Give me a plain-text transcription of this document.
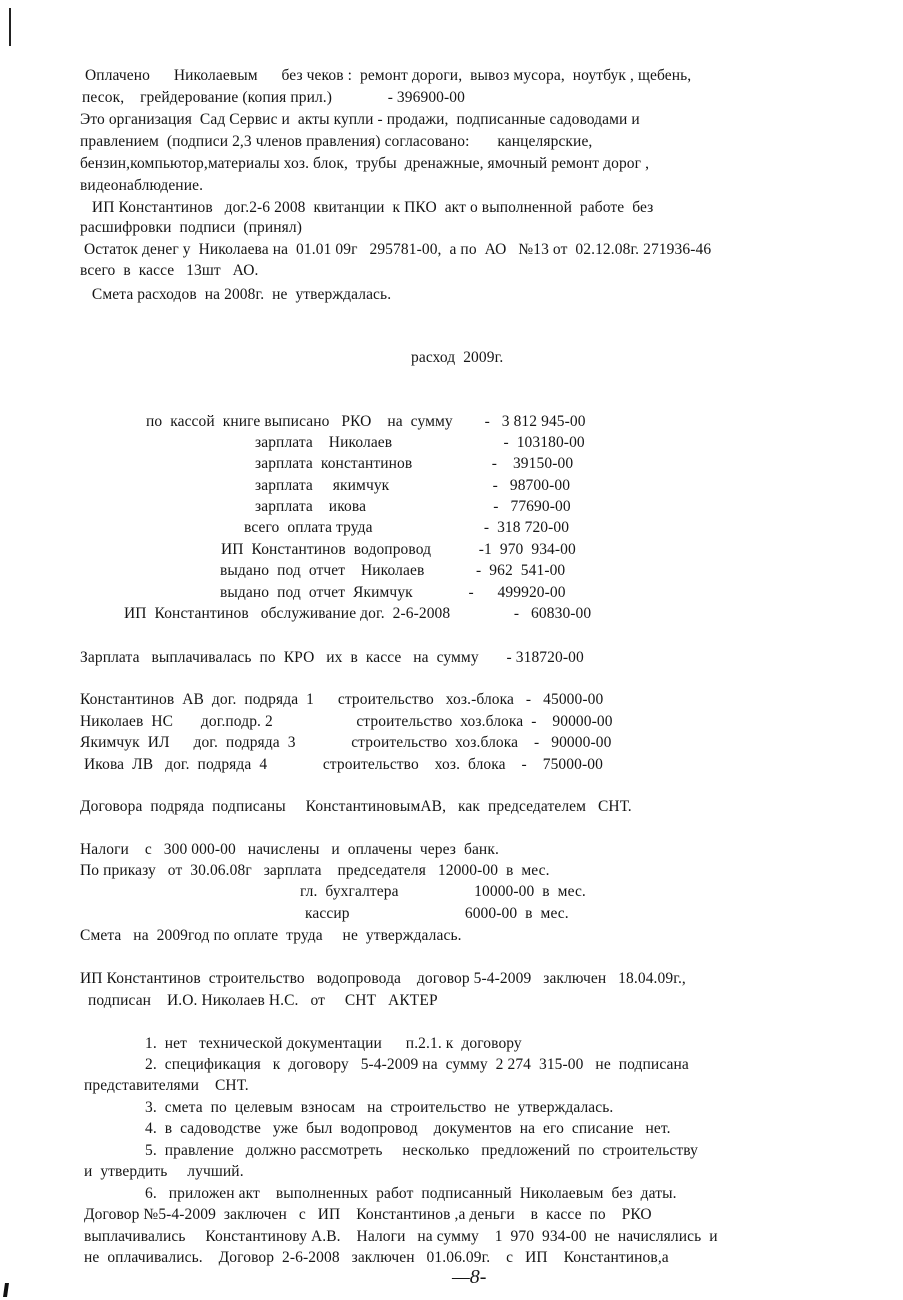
Оплачено      Николаевым      без чеков :  ремонт дороги,  вывоз мусора,  ноутбук , щебень,
песок,    грейдерование (копия прил.)              - 396900-00
Это организация  Сад Сервис и  акты купли - продажи,  подписанные садоводами и
правлением  (подписи 2,3 членов правления) согласовано:       канцелярские,
бензин,компьютор,материалы хоз. блок,  трубы  дренажные, ямочный ремонт дорог ,
видеонаблюдение.
ИП Константинов   дог.2-6 2008  квитанции  к ПКО  акт о выполненной  работе  без
расшифровки  подписи  (принял)
Остаток денег у  Николаева на  01.01 09г   295781-00,  а по  АО   №13 от  02.12.08г. 271936-46
всего  в  кассе   13шт   АО.
Смета расходов  на 2008г.  не  утверждалась.
расход  2009г.
по  кассой  книге выписано   РКО    на  сумму        -   3 812 945-00
зарплата    Николаев                            -  103180-00
зарплата  константинов                    -    39150-00
зарплата     якимчук                          -   98700-00
зарплата    икова                                -   77690-00
всего  оплата труда                            -  318 720-00
ИП  Константинов  водопровод            -1  970  934-00
выдано  под  отчет    Николаев             -  962  541-00
выдано  под  отчет  Якимчук              -      499920-00
ИП  Константинов   обслуживание дог.  2-6-2008                -   60830-00
Зарплата   выплачивалась  по  КРО   их  в  кассе   на  сумму       - 318720-00
Константинов  АВ  дог.  подряда  1      строительство   хоз.-блока   -   45000-00
Николаев  НС       дог.подр. 2                     строительство  хоз.блока  -    90000-00
Якимчук  ИЛ      дог.  подряда  3              строительство  хоз.блока    -   90000-00
Икова  ЛВ   дог.  подряда  4              строительство    хоз.  блока    -    75000-00
Договора  подряда  подписаны     КонстантиновымАВ,   как  председателем   СНТ.
Налоги    с   300 000-00   начислены   и  оплачены  через  банк.
По приказу   от  30.06.08г   зарплата    председателя   12000-00  в  мес.
гл.  бухгалтера                   10000-00  в  мес.
кассир                             6000-00  в  мес.
Смета   на  2009год по оплате  труда     не  утверждалась.
ИП Константинов  строительство   водопровода    договор 5-4-2009   заключен   18.04.09г.,
подписан    И.О. Николаев Н.С.   от     СНТ   АКТЕР
1.  нет   технической документации      п.2.1. к  договору
2.  спецификация   к  договору   5-4-2009 на  сумму  2 274  315-00   не  подписана
представителями    СНТ.
3.  смета  по  целевым  взносам   на  строительство  не  утверждалась.
4.  в  садоводстве   уже  был  водопровод    документов  на  его  списание   нет.
5.  правление   должно рассмотреть     несколько   предложений  по  строительству
и  утвердить     лучший.
6.   приложен акт    выполненных  работ  подписанный  Николаевым  без  даты.
Договор №5-4-2009  заключен   с   ИП    Константинов ,а деньги    в  кассе  по    РКО
выплачивались     Константинову А.В.    Налоги   на сумму    1  970  934-00  не  начислялись  и
не  оплачивались.    Договор  2-6-2008   заключен   01.06.09г.    с   ИП    Константинов,а
—8-
